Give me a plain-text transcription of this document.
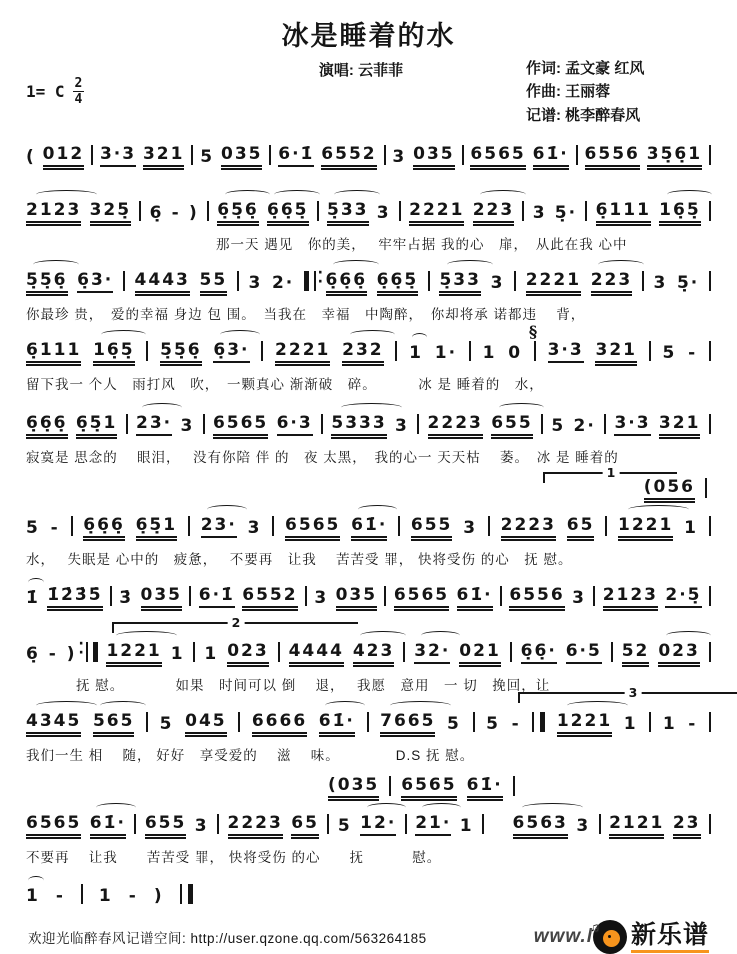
冰是睡着的水
1= C $\frac{2}{4}$
演唱: 云菲菲	作词: 孟文豪 红风
作曲: 王丽蓉
记谱: 桃李醉春风
( 012 3·3 321 5 035 6·1̇ 6552 3 035 6565 61̇· 6556 35̣6̣1
2123 325̣ 6̣ - ) 6̣5̣6̣ 6̣6̣5̣ 5̣33 3 2221 223 3 5̣· 6̣111 16̣5̣
那一天 遇见　你的美，　 牢牢占据 我的心　扉，　从此在我 心中
5̣5̣6̣ 6̣3· 4443 55 3 2· · · 6̣6̣6̣ 6̣6̣5̣ 5̣33 3 2221 223 3 5̣·
你最珍 贵，　爱的幸福 身边 包 围。　当我在　幸福　中陶醉，　你却将承 诺都违　 背，
6̣111 16̣5̣ 5̣5̣6̣ 6̣3· 2221 232 1 1· 1 0
§
3·3 321 5 -
留下我一 个人　雨打风　吹，　一颗真心 渐渐破　碎。　　　 冰 是 睡着的　水，
6̣6̣6̣ 6̣5̣1 23· 3 6565 6·3 5333 3 2223 655 5 2· 3·3 321
寂寞是 思念的　 眼泪，　 没有你陪 伴 的　夜 太黑，　我的心一 天天枯　 萎。　冰 是 睡着的
1
(056
5 - 6̣6̣6̣ 6̣5̣1 23· 3 6565 61̇· 655 3 2223 65 1221 1
水，　 失眠是 心中的　疲惫，　 不要再　让我　 苦苦受 罪， 快将受伤 的心　抚 慰。
1̇ 1̇2̇3̇5̇ 3̇ 035 6·1̇ 6552 3 035 6565 61̇· 6556 3 2123 2·5̣
2
6̣ - ) · · 1221 1 1 023 4444 423 32· 021 6̣6̣· 6·5 52 023
抚 慰。　　　　如果　时间可以 倒　 退，　 我愿　意用　一 切　挽回，让	3
4345 565 5 045 6666 61̇· 7665 5 5 - 1221 1 1 -
我们一生 相　 随， 好好　享受爱的　 滋　 味。　　　　 D.S 抚 慰。
(035 6565 61̇·
6565 61̇· 655 3 2223 65 5 12· 21· 1 6563 3 2121 23
不要再　 让我　　苦苦受 罪， 快将受伤 的心　　抚　　　 慰。
1 - 1 - )
欢迎光临醉春风记谱空间: http://user.qzone.qq.com/563264185	www.l
♫ 新乐谱
